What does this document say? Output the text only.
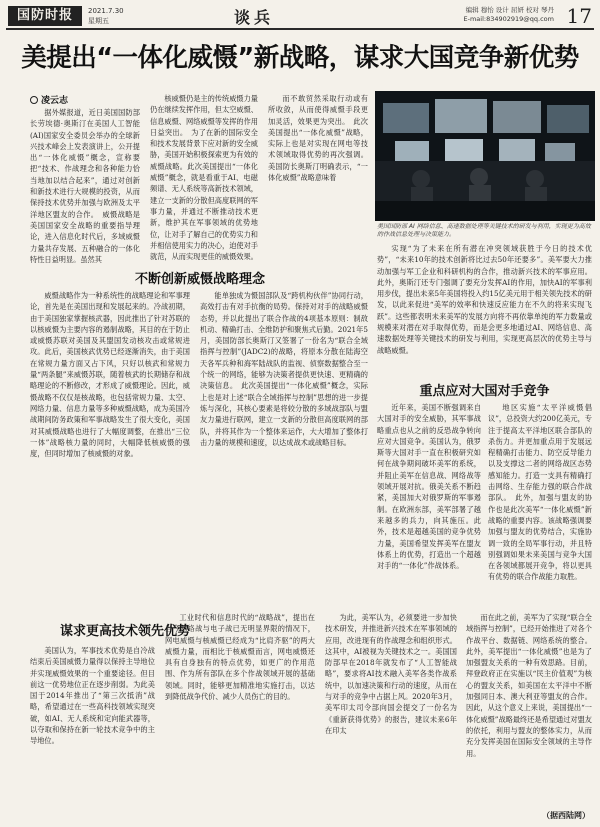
国防时报	2021.7.30
星期五	谈兵	编辑 穆怡 设计 屈妍 校对 琴丹
E-mail:834902919@qq.com 17
美提出“一体化威慑”新战略，谋求大国竞争新优势
凌云志

据外媒报道，近日美国国防部长劳埃德·奥斯汀在美国人工智能(AI)国家安全委员会举办的全球新兴技术峰会上发表演讲上，公开提出“一体化威慑”概念，宣称要把“技术、作战理念和各种能力恰当地加以结合起来”，通过对创新和新技术进行大规模的投资，从而保持技术优势并加强与欧洲及太平洋地区盟友的合作。　威慑战略是美国国家安全战略的重要指导理论，进入信息化时代后，多域威慑力量共存发展、五种融合的一体化特性日益明显。虽然其

核威慑仍是主的传统威慑力量仍在继续发挥作用，但太空威慑、信息威慑、网络威慑等发挥的作用日益突出。　为了在新的国际安全和技术发展背景下应对新的安全威胁，美国开始积极探索更为有效的威慑战略。此次美国提出“一体化威慑”概念，就是看重于AI、电磁频谱、无人系统等高新技术领域，建立一支新的分散但高度联网的军事力量，并通过不断推动技术更新，维护其在军事领域的优势地位，让对手了解自己的优势实力和并相信使用实力的决心，迫使对手就范，从而实现更佳的威慑效果。

而不敢贸然采取行动或有所收敛，从而使得威慑手段更加灵活，效果更为突出。　此次美国提出“一体化威慑”战略，实际上也是对实现在网电等技术领域取得优势的再次强调。美国防长奥斯汀明确表示，“一体化威慑”战略意味着

美国国防部 AI 网络信息、高速数据处理等关键技术的研发与利用，实现更为高效的作战信息处理与决策能力。
不断创新威慑战略理念

威慑战略作为一种系统性的战略理论和军事理论，首先是在美国出现和发展起来的。冷战初期，由于美国独家掌握核武器，因此推出了针对苏联的以核威慑为主要内容的遏制战略，其目的在于防止或威慑苏联对美国及其盟国发动核攻击或常规进攻。此后，美国核武优势已经逐渐消失，由于美国在常规力量方面又占下风，只好以核武和常规力量“两条腿”来威慑苏联，随着核武的长期储存和战略理论的不断修改，才形成了威慑理论。因此，威慑战略不仅仅是核战略，也包括常规力量、太空、网络力量、信息力量等多种威慑战略，成为美国冷战期间防务政策和军事战略发生了很大变化，美国对其威慑战略也进行了大幅度调整，在推出“三位一体”战略核力量的同时，大幅降低核威慑的强度，但同时增加了核威慑的对象。

能单独成为慑国部队及“跨机构伙伴”协同行动，高效打击有对手抗衡的局势。保持对对手的战略威慑态势，并以此提出了联合作战的4项基本原则：制敌机动、精确打击、全维防护和聚焦式后勤。2021年5月，美国防部长奥斯汀又签署了一份名为“联合全域指挥与控制”(JADC2)的战略，将原本分散在陆海空天各军兵种和海军陆战队的监视、侦察数据整合至一个统一的网络，能够为决策者提供更快速、更精确的决策信息。　此次美国提出“一体化威慑”概念，实际上也是对上述“联合全域指挥与控制”思想的进一步提炼与深化，其核心要素是将较分散的多域战部队与盟友力量进行联网，建立一支新的分散但高度联网的部队，并将其作为一个整体来运作，大大增加了整体打击力量的规模和速度，以达成战术或战略目标。

实现“为了未来在所有潜在冲突领域获胜于今日的技术优势”，“未来10年的技术创新将比过去50年还要多”。美军要大力推动加强与军工企业和科研机构的合作，推动新兴技术的军事应用。此外，奥斯汀还专门强调了要充分发挥AI的作用，加快AI的军事利用步伐，提出未来5年美国将投入约15亿美元用于相关领先技术的研发，以此来促进“美军的效率和快速反应能力在不久的将来实现飞跃”。这些都表明未来美军的发展方向将不再依靠单纯的军力数量或规模来对潜在对手取得优势，而是会更多地通过AI、网络信息、高速数据处理等关键技术的研发与利用，实现更高层次的优势主导与战略威慑。

重点应对大国对手竞争

近年来，美国不断强调来自大国对手的安全威胁，其军事战略重点也从之前的反恐战争转向应对大国竞争。美国认为，俄罗斯等大国对手一直在积极研究如何在战争期间破坏美军的系统，并阻止美军在信息战、网络战等领域开展对抗。俄美关系不断趋紧，美国加大对俄罗斯的军事遏制。在欧洲东部，美军部署了越来越多的兵力，向其施压。此外，技术是超越美国的竞争优势力量，美国希望发挥美军在盟友体系上的优势，打造出一个超越对手的“一体化”作战体系。

地区实施“太平洋威慑倡议”，总投资大约200亿美元，专注于提高太平洋地区联合部队的杀伤力。并更加重点用于发展远程精确打击能力、防空反导能力以及支撑这二者的网络战区态势感知能力。打造一支具有精确打击网络、生存能力强的联合作战部队。　此外，加强与盟友的协作也是此次美军“一体化威慑”新战略的重要内容。该战略强调要加强与盟友的优势结合，实施协调一致的全局军事行动，并且特别强调如果未来美国与竞争大国在各领域都展开竞争，将以更具有优势的联合作战能力取胜。

谋求更高技术领先优势

美国认为，军事技术优势是自冷战结束后美国威慑力量得以保持主导地位并实现威慑效果的一个重要途径。但目前这一优势地位正在逐步削弱。为此美国于2014年推出了“第三次抵消”战略，希望通过在一些高科技领域实现突破，如AI、无人系统和定向能武器等，以夺取和保持在新一轮技术竞争中的主导地位。

工业时代和信息时代的“战略战”，提出在当今网络战与电子战已无明显界限的情况下，网电威慑与核威慑已经成为“比肩齐驱”的两大威慑力量，而相比于核威慑而言，网电威慑还具有自身独有的特点优势，如更广的作用范围、作为所有部队在多个作战领域开展的基础领域。同时，能够更加精准地实施打击，以达到降低战争代价、减少人员伤亡的目的。

为此，美军认为，必须要进一步加快技术研发，并推进新兴技术在军事领域的应用，改进现有的作战理念和组织形式。这其中，AI被视为关键技术之一。美国国防部早在2018年就发布了“人工智能战略”，要求将AI技术融入美军各类作战系统中，以加速决策和行动的速度，从而在与对手的竞争中占据上风。2020年3月，美军印太司令部向国会提交了一份名为《重新获得优势》的报告，建议未来6年在印太

而在此之前，美军为了实现“联合全域指挥与控制”，已经开始推进了对各个作战平台、数据链、网络系统的整合。此外，美军提出“一体化威慑”也是为了加强盟友关系的一种有效思路。目前，拜登政府正在实施以“民主价值观”为核心的盟友关系，如美国在太平洋中不断加强同日本、澳大利亚等盟友的合作。因此，从这个意义上来说，美国提出“一体化威慑”战略最终还是希望通过对盟友的依托，利用与盟友的整体实力，从而充分发挥美国在国际安全领域的主导作用。

（据西陆网）
